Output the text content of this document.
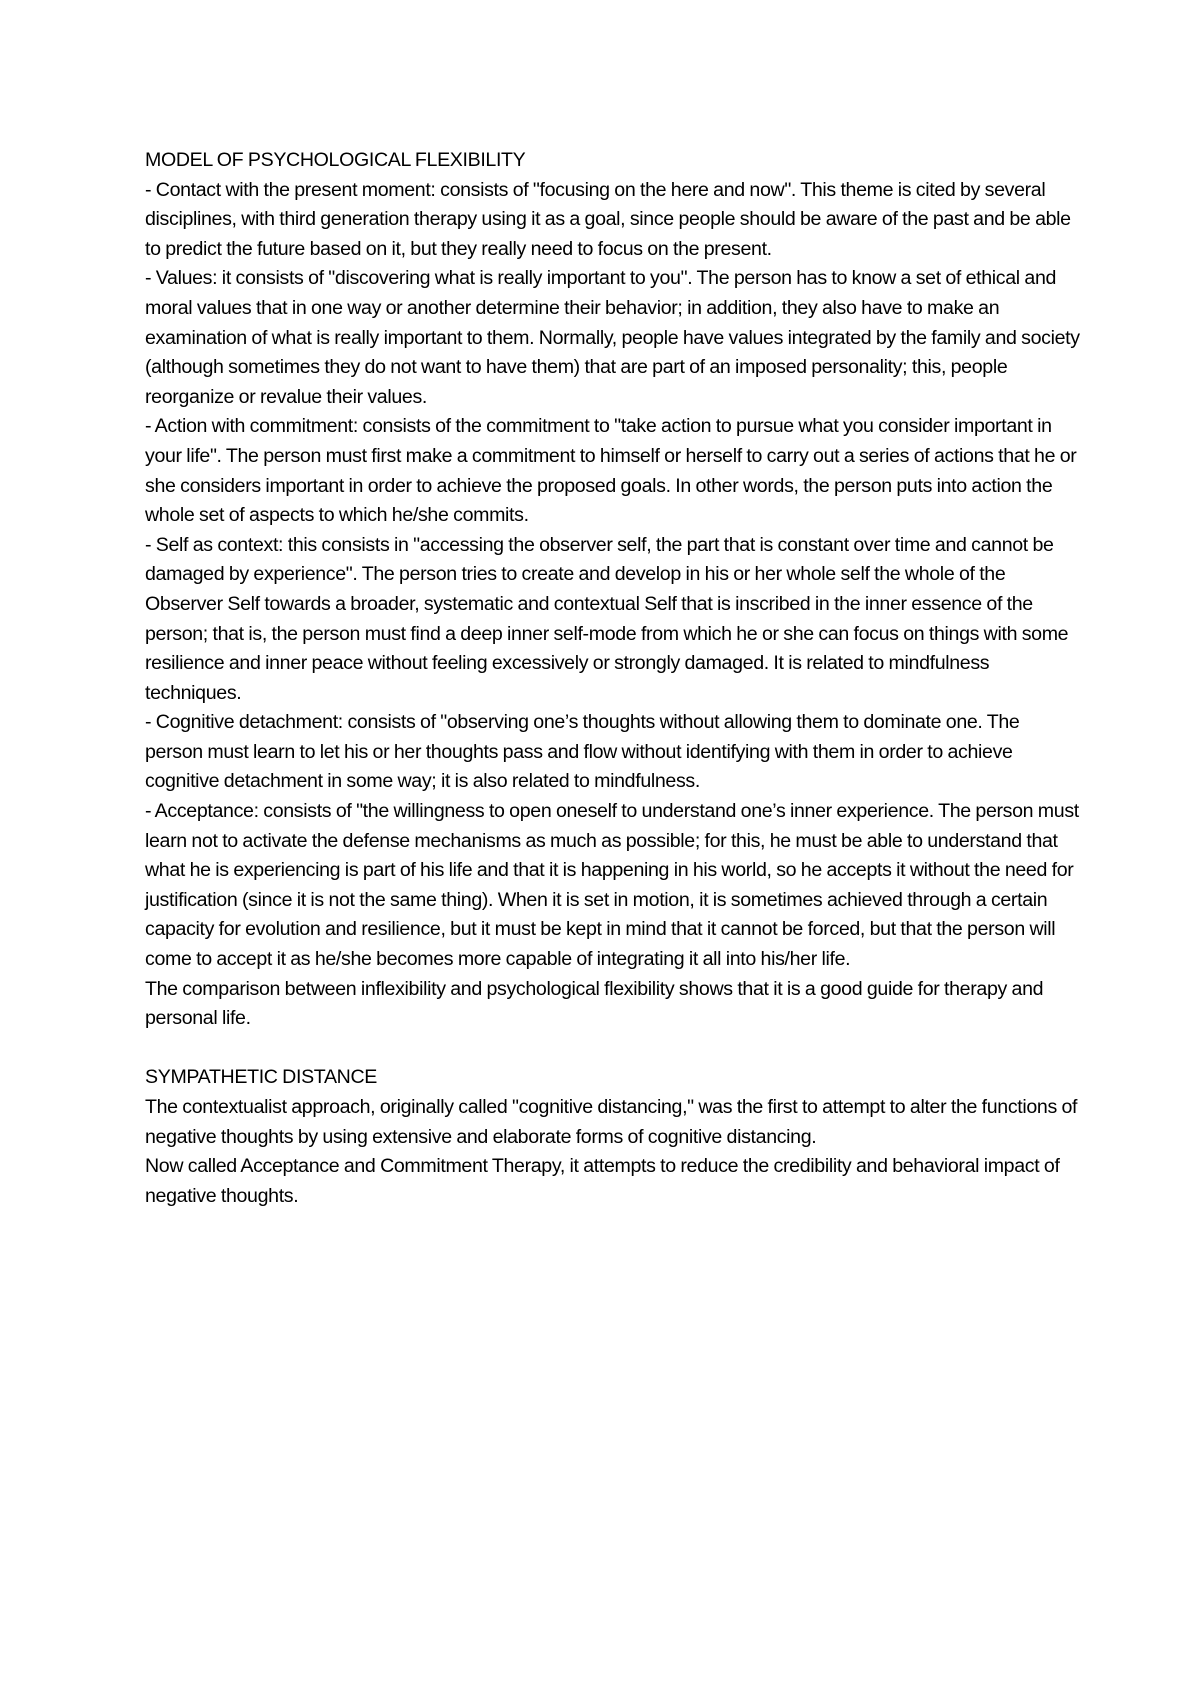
MODEL OF PSYCHOLOGICAL FLEXIBILITY

- Contact with the present moment: consists of "focusing on the here and now". This theme is cited by several disciplines, with third generation therapy using it as a goal, since people should be aware of the past and be able to predict the future based on it, but they really need to focus on the present.

- Values: it consists of "discovering what is really important to you". The person has to know a set of ethical and moral values that in one way or another determine their behavior; in addition, they also have to make an examination of what is really important to them. Normally, people have values integrated by the family and society (although sometimes they do not want to have them) that are part of an imposed personality; this, people reorganize or revalue their values.

- Action with commitment: consists of the commitment to "take action to pursue what you consider important in your life". The person must first make a commitment to himself or herself to carry out a series of actions that he or she considers important in order to achieve the proposed goals. In other words, the person puts into action the whole set of aspects to which he/she commits.

- Self as context: this consists in "accessing the observer self, the part that is constant over time and cannot be damaged by experience". The person tries to create and develop in his or her whole self the whole of the Observer Self towards a broader, systematic and contextual Self that is inscribed in the inner essence of the person; that is, the person must find a deep inner self-mode from which he or she can focus on things with some resilience and inner peace without feeling excessively or strongly damaged. It is related to mindfulness techniques.

- Cognitive detachment: consists of "observing one’s thoughts without allowing them to dominate one. The person must learn to let his or her thoughts pass and flow without identifying with them in order to achieve cognitive detachment in some way; it is also related to mindfulness.

- Acceptance: consists of "the willingness to open oneself to understand one’s inner experience. The person must learn not to activate the defense mechanisms as much as possible; for this, he must be able to understand that what he is experiencing is part of his life and that it is happening in his world, so he accepts it without the need for justification (since it is not the same thing). When it is set in motion, it is sometimes achieved through a certain capacity for evolution and resilience, but it must be kept in mind that it cannot be forced, but that the person will come to accept it as he/she becomes more capable of integrating it all into his/her life.

The comparison between inflexibility and psychological flexibility shows that it is a good guide for therapy and personal life.

SYMPATHETIC DISTANCE

The contextualist approach, originally called "cognitive distancing," was the first to attempt to alter the functions of negative thoughts by using extensive and elaborate forms of cognitive distancing.

Now called Acceptance and Commitment Therapy, it attempts to reduce the credibility and behavioral impact of negative thoughts.
